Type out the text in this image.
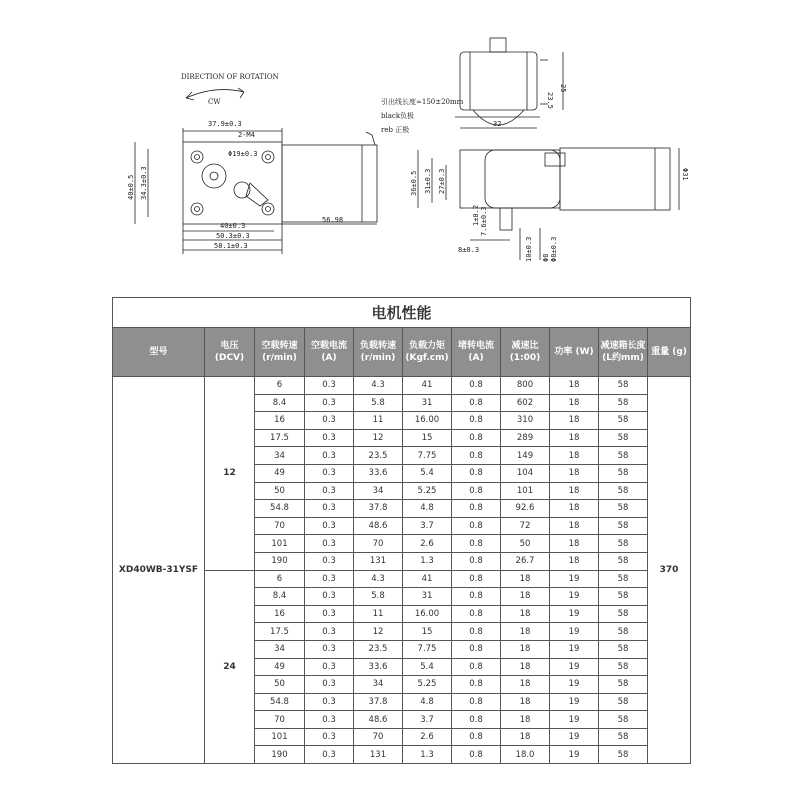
DIRECTION OF ROTATION
CW	引出线长度≈150±20mm
black负极
reb 正极
37.9±0.3
2-M4
Φ19±0.3
40±0.5 34.3±0.3
40±0.3
50.3±0.3
58.1±0.3
56.98
23.5
25
32
36±0.5 31±0.3 27±0.3	Φ31
7.6±0.3
1±0.2
8±0.3	10±0.3 Φ8 Φ8±0.3
电机性能
型号	电压 (DCV)	空载转速 (r/min)	空载电流 (A)	负载转速 (r/min)	负载力矩 (Kgf.cm)	堵转电流 (A)	减速比 (1:00)	功率 (W)	减速箱长度 (L约mm)	重量 (g)
XD40WB-31YSF	12	6	0.3	4.3	41	0.8	800	18	58	370
		8.4	0.3	5.8	31	0.8	602	18	58	
		16	0.3	11	16.00	0.8	310	18	58	
		17.5	0.3	12	15	0.8	289	18	58	
		34	0.3	23.5	7.75	0.8	149	18	58	
		49	0.3	33.6	5.4	0.8	104	18	58	
		50	0.3	34	5.25	0.8	101	18	58	
		54.8	0.3	37.8	4.8	0.8	92.6	18	58	
		70	0.3	48.6	3.7	0.8	72	18	58	
		101	0.3	70	2.6	0.8	50	18	58	
		190	0.3	131	1.3	0.8	26.7	18	58	
	24	6	0.3	4.3	41	0.8	18	19	58	
		8.4	0.3	5.8	31	0.8	18	19	58	
		16	0.3	11	16.00	0.8	18	19	58	
		17.5	0.3	12	15	0.8	18	19	58	
		34	0.3	23.5	7.75	0.8	18	19	58	
		49	0.3	33.6	5.4	0.8	18	19	58	
		50	0.3	34	5.25	0.8	18	19	58	
		54.8	0.3	37.8	4.8	0.8	18	19	58	
		70	0.3	48.6	3.7	0.8	18	19	58	
		101	0.3	70	2.6	0.8	18	19	58	
		190	0.3	131	1.3	0.8	18.0	19	58	
